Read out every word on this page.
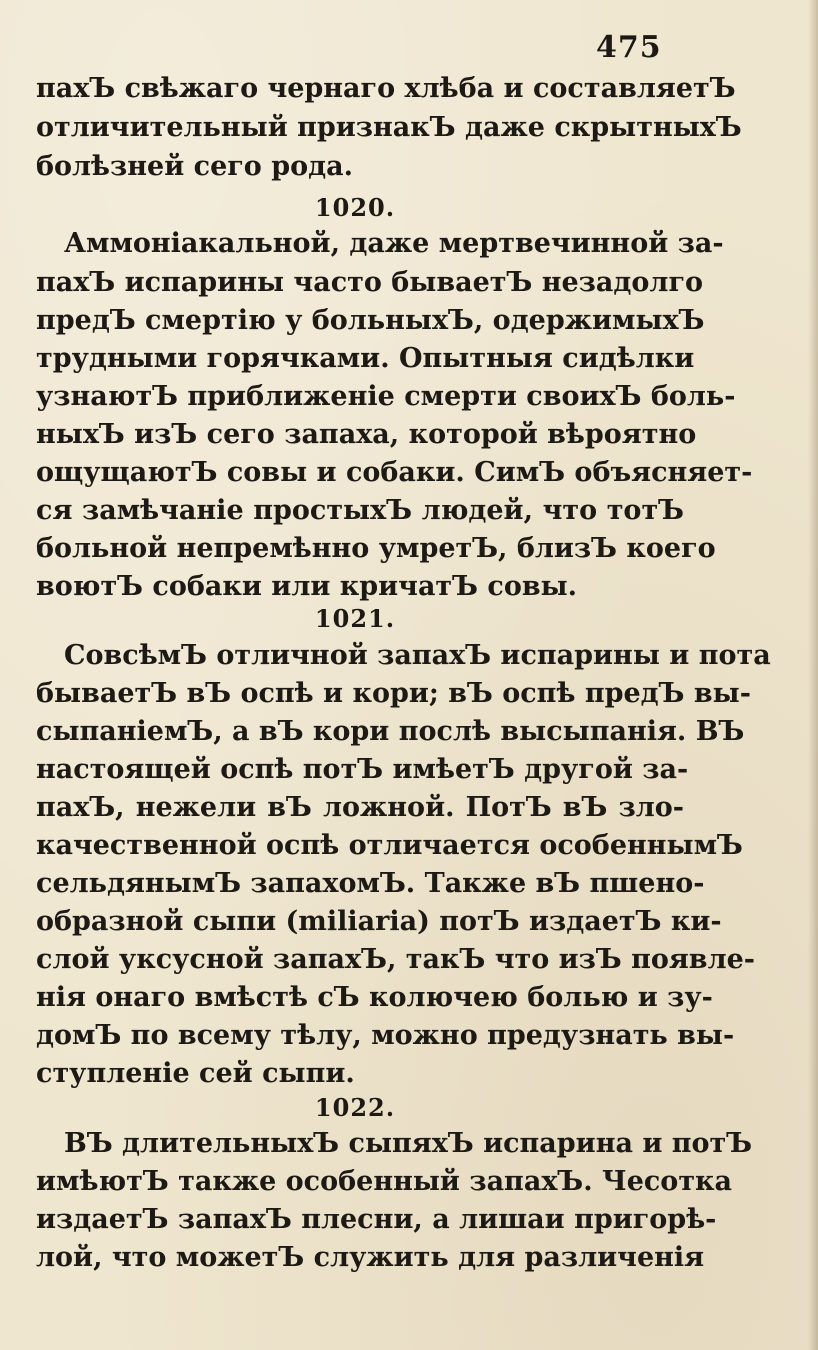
475
пахЪ свѣжаго чернаго хлѣба и составляетЪ
отличительный признакЪ даже скрытныхЪ
болѣзней сего рода.
1020.
Аммоніакальной, даже мертвечинной за-
пахЪ испарины часто бываетЪ незадолго
предЪ смертію у больныхЪ, одержимыхЪ
трудными горячками. Опытныя сидѣлки
узнаютЪ приближеніе смерти своихЪ боль-
ныхЪ изЪ сего запаха, которой вѣроятно
ощущаютЪ совы и собаки. СимЪ объясняет-
ся замѣчаніе простыхЪ людей, что тотЪ
больной непремѣнно умретЪ, близЪ коего
воютЪ собаки или кричатЪ совы.
1021.
СовсѣмЪ отличной запахЪ испарины и пота
бываетЪ вЪ оспѣ и кори; вЪ оспѣ предЪ вы-
сыпаніемЪ, а вЪ кори послѣ высыпанія. ВЪ
настоящей оспѣ потЪ имѣетЪ другой за-
пахЪ, нежели вЪ ложной. ПотЪ вЪ зло-
качественной оспѣ отличается особеннымЪ
сельдянымЪ запахомЪ. Также вЪ пшено-
образной сыпи (miliaria) потЪ издаетЪ ки-
слой уксусной запахЪ, такЪ что изЪ появле-
нія онаго вмѣстѣ сЪ колючею болью и зу-
домЪ по всему тѣлу, можно предузнать вы-
ступленіе сей сыпи.
1022.
ВЪ длительныхЪ сыпяхЪ испарина и потЪ
имѣютЪ также особенный запахЪ. Чесотка
издаетЪ запахЪ плесни, а лишаи пригорѣ-
лой, что можетЪ служить для различенія
